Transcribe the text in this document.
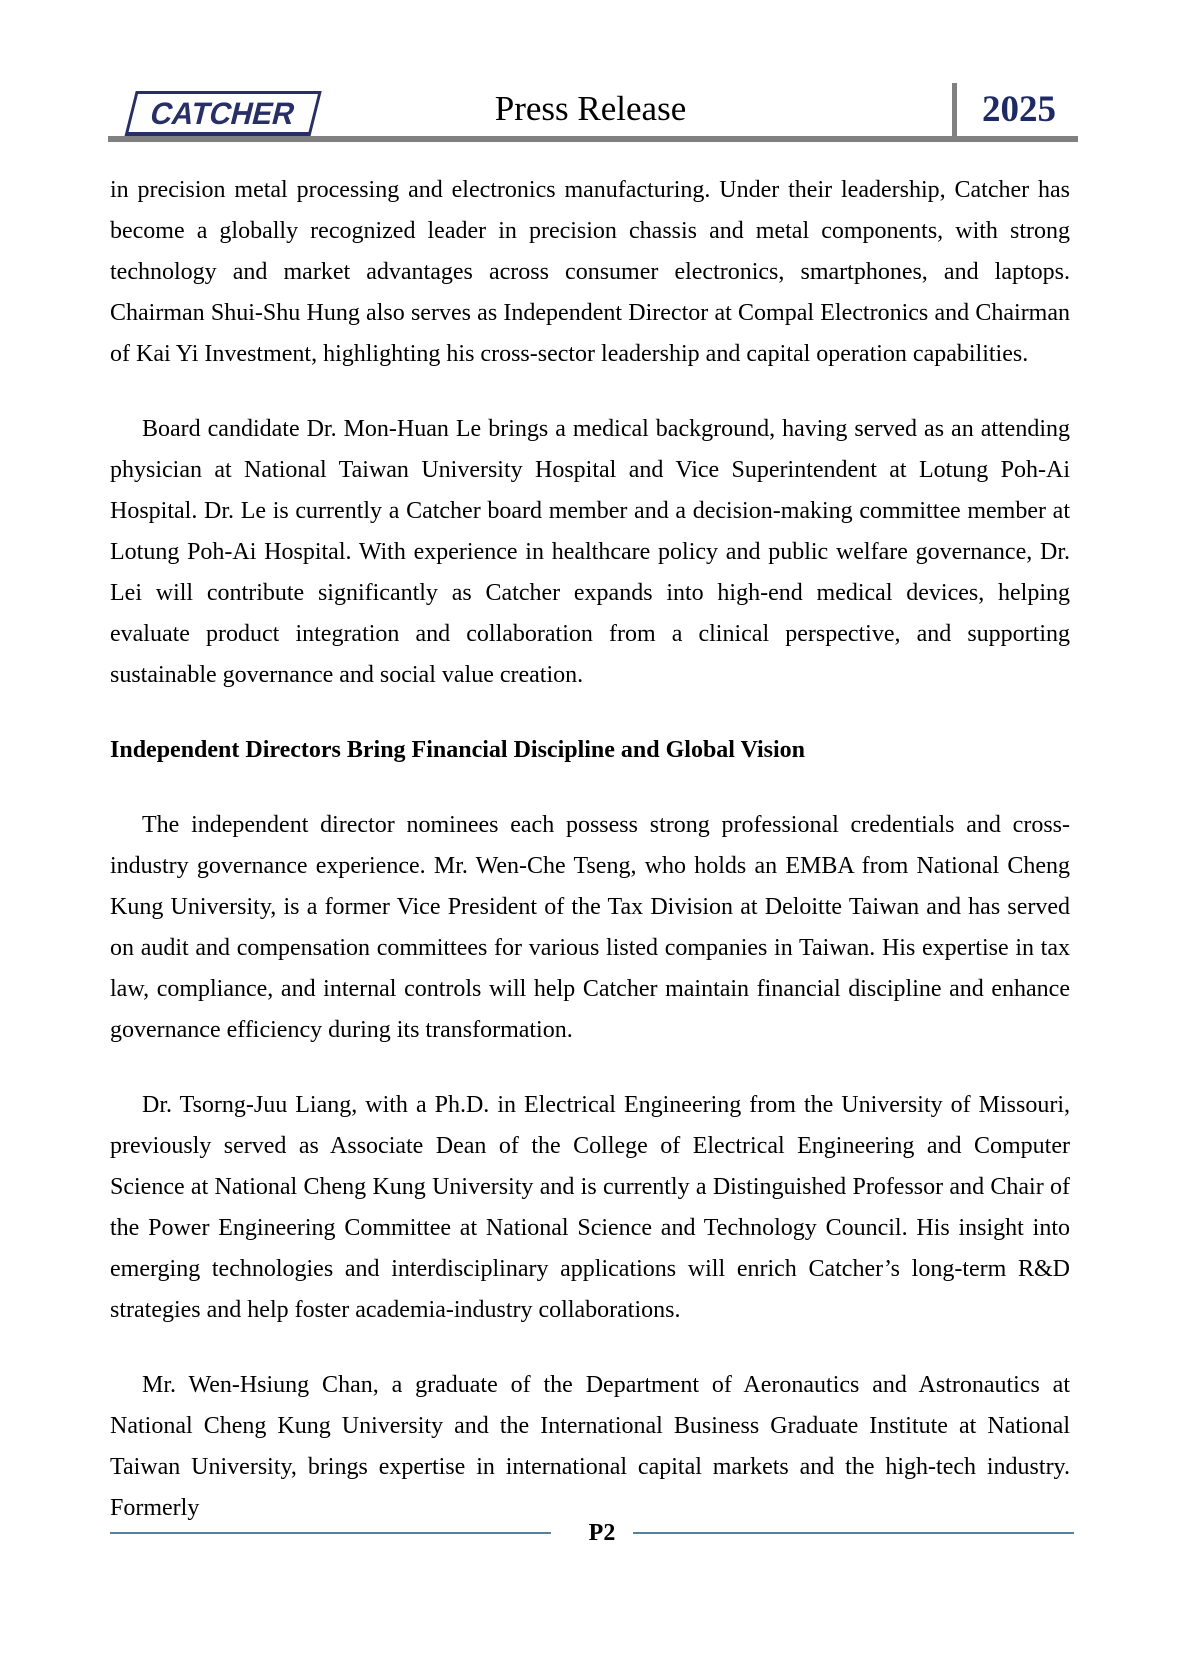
CATCHER	Press Release	2025

in precision metal processing and electronics manufacturing. Under their leadership, Catcher has become a globally recognized leader in precision chassis and metal components, with strong technology and market advantages across consumer electronics, smartphones, and laptops. Chairman Shui-Shu Hung also serves as Independent Director at Compal Electronics and Chairman of Kai Yi Investment, highlighting his cross-sector leadership and capital operation capabilities.

Board candidate Dr. Mon-Huan Le brings a medical background, having served as an attending physician at National Taiwan University Hospital and Vice Superintendent at Lotung Poh-Ai Hospital. Dr. Le is currently a Catcher board member and a decision-making committee member at Lotung Poh-Ai Hospital. With experience in healthcare policy and public welfare governance, Dr. Lei will contribute significantly as Catcher expands into high-end medical devices, helping evaluate product integration and collaboration from a clinical perspective, and supporting sustainable governance and social value creation.

Independent Directors Bring Financial Discipline and Global Vision

The independent director nominees each possess strong professional credentials and cross-industry governance experience. Mr. Wen-Che Tseng, who holds an EMBA from National Cheng Kung University, is a former Vice President of the Tax Division at Deloitte Taiwan and has served on audit and compensation committees for various listed companies in Taiwan. His expertise in tax law, compliance, and internal controls will help Catcher maintain financial discipline and enhance governance efficiency during its transformation.

Dr. Tsorng-Juu Liang, with a Ph.D. in Electrical Engineering from the University of Missouri, previously served as Associate Dean of the College of Electrical Engineering and Computer Science at National Cheng Kung University and is currently a Distinguished Professor and Chair of the Power Engineering Committee at National Science and Technology Council. His insight into emerging technologies and interdisciplinary applications will enrich Catcher’s long-term R&D strategies and help foster academia-industry collaborations.

Mr. Wen-Hsiung Chan, a graduate of the Department of Aeronautics and Astronautics at National Cheng Kung University and the International Business Graduate Institute at National Taiwan University, brings expertise in international capital markets and the high-tech industry. Formerly

P2
